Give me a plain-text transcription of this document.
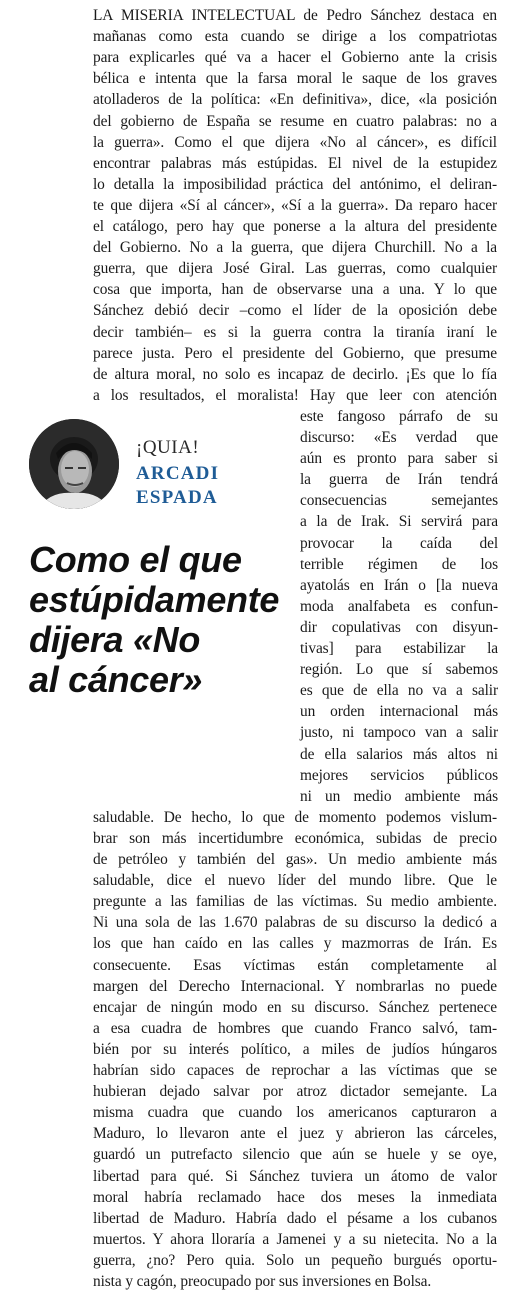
¡QUIA!
ARCADI
ESPADA
Como el que
estúpidamente
dijera «No
al cáncer»
LA MISERIA INTELECTUAL de Pedro Sánchez destaca en
mañanas como esta cuando se dirige a los compatriotas
para explicarles qué va a hacer el Gobierno ante la crisis
bélica e intenta que la farsa moral le saque de los graves
atolladeros de la política: «En definitiva», dice, «la posición
del gobierno de España se resume en cuatro palabras: no a
la guerra». Como el que dijera «No al cáncer», es difícil
encontrar palabras más estúpidas. El nivel de la estupidez
lo detalla la imposibilidad práctica del antónimo, el deliran-
te que dijera «Sí al cáncer», «Sí a la guerra». Da reparo hacer
el catálogo, pero hay que ponerse a la altura del presidente
del Gobierno. No a la guerra, que dijera Churchill. No a la
guerra, que dijera José Giral. Las guerras, como cualquier
cosa que importa, han de observarse una a una. Y lo que
Sánchez debió decir –como el líder de la oposición debe
decir también– es si la guerra contra la tiranía iraní le
parece justa. Pero el presidente del Gobierno, que presume
de altura moral, no solo es incapaz de decirlo. ¡Es que lo fía
a los resultados, el moralista! Hay que leer con atención
este fangoso párrafo de su
discurso: «Es verdad que
aún es pronto para saber si
la guerra de Irán tendrá
consecuencias semejantes
a la de Irak. Si servirá para
provocar la caída del
terrible régimen de los
ayatolás en Irán o [la nueva
moda analfabeta es confun-
dir copulativas con disyun-
tivas] para estabilizar la
región. Lo que sí sabemos
es que de ella no va a salir
un orden internacional más
justo, ni tampoco van a salir
de ella salarios más altos ni
mejores servicios públicos
ni un medio ambiente más
saludable. De hecho, lo que de momento podemos vislum-
brar son más incertidumbre económica, subidas de precio
de petróleo y también del gas». Un medio ambiente más
saludable, dice el nuevo líder del mundo libre. Que le
pregunte a las familias de las víctimas. Su medio ambiente.
Ni una sola de las 1.670 palabras de su discurso la dedicó a
los que han caído en las calles y mazmorras de Irán. Es
consecuente. Esas víctimas están completamente al
margen del Derecho Internacional. Y nombrarlas no puede
encajar de ningún modo en su discurso. Sánchez pertenece
a esa cuadra de hombres que cuando Franco salvó, tam-
bién por su interés político, a miles de judíos húngaros
habrían sido capaces de reprochar a las víctimas que se
hubieran dejado salvar por atroz dictador semejante. La
misma cuadra que cuando los americanos capturaron a
Maduro, lo llevaron ante el juez y abrieron las cárceles,
guardó un putrefacto silencio que aún se huele y se oye,
libertad para qué. Si Sánchez tuviera un átomo de valor
moral habría reclamado hace dos meses la inmediata
libertad de Maduro. Habría dado el pésame a los cubanos
muertos. Y ahora lloraría a Jamenei y a su nietecita. No a la
guerra, ¿no? Pero quia. Solo un pequeño burgués oportu-
nista y cagón, preocupado por sus inversiones en Bolsa.
